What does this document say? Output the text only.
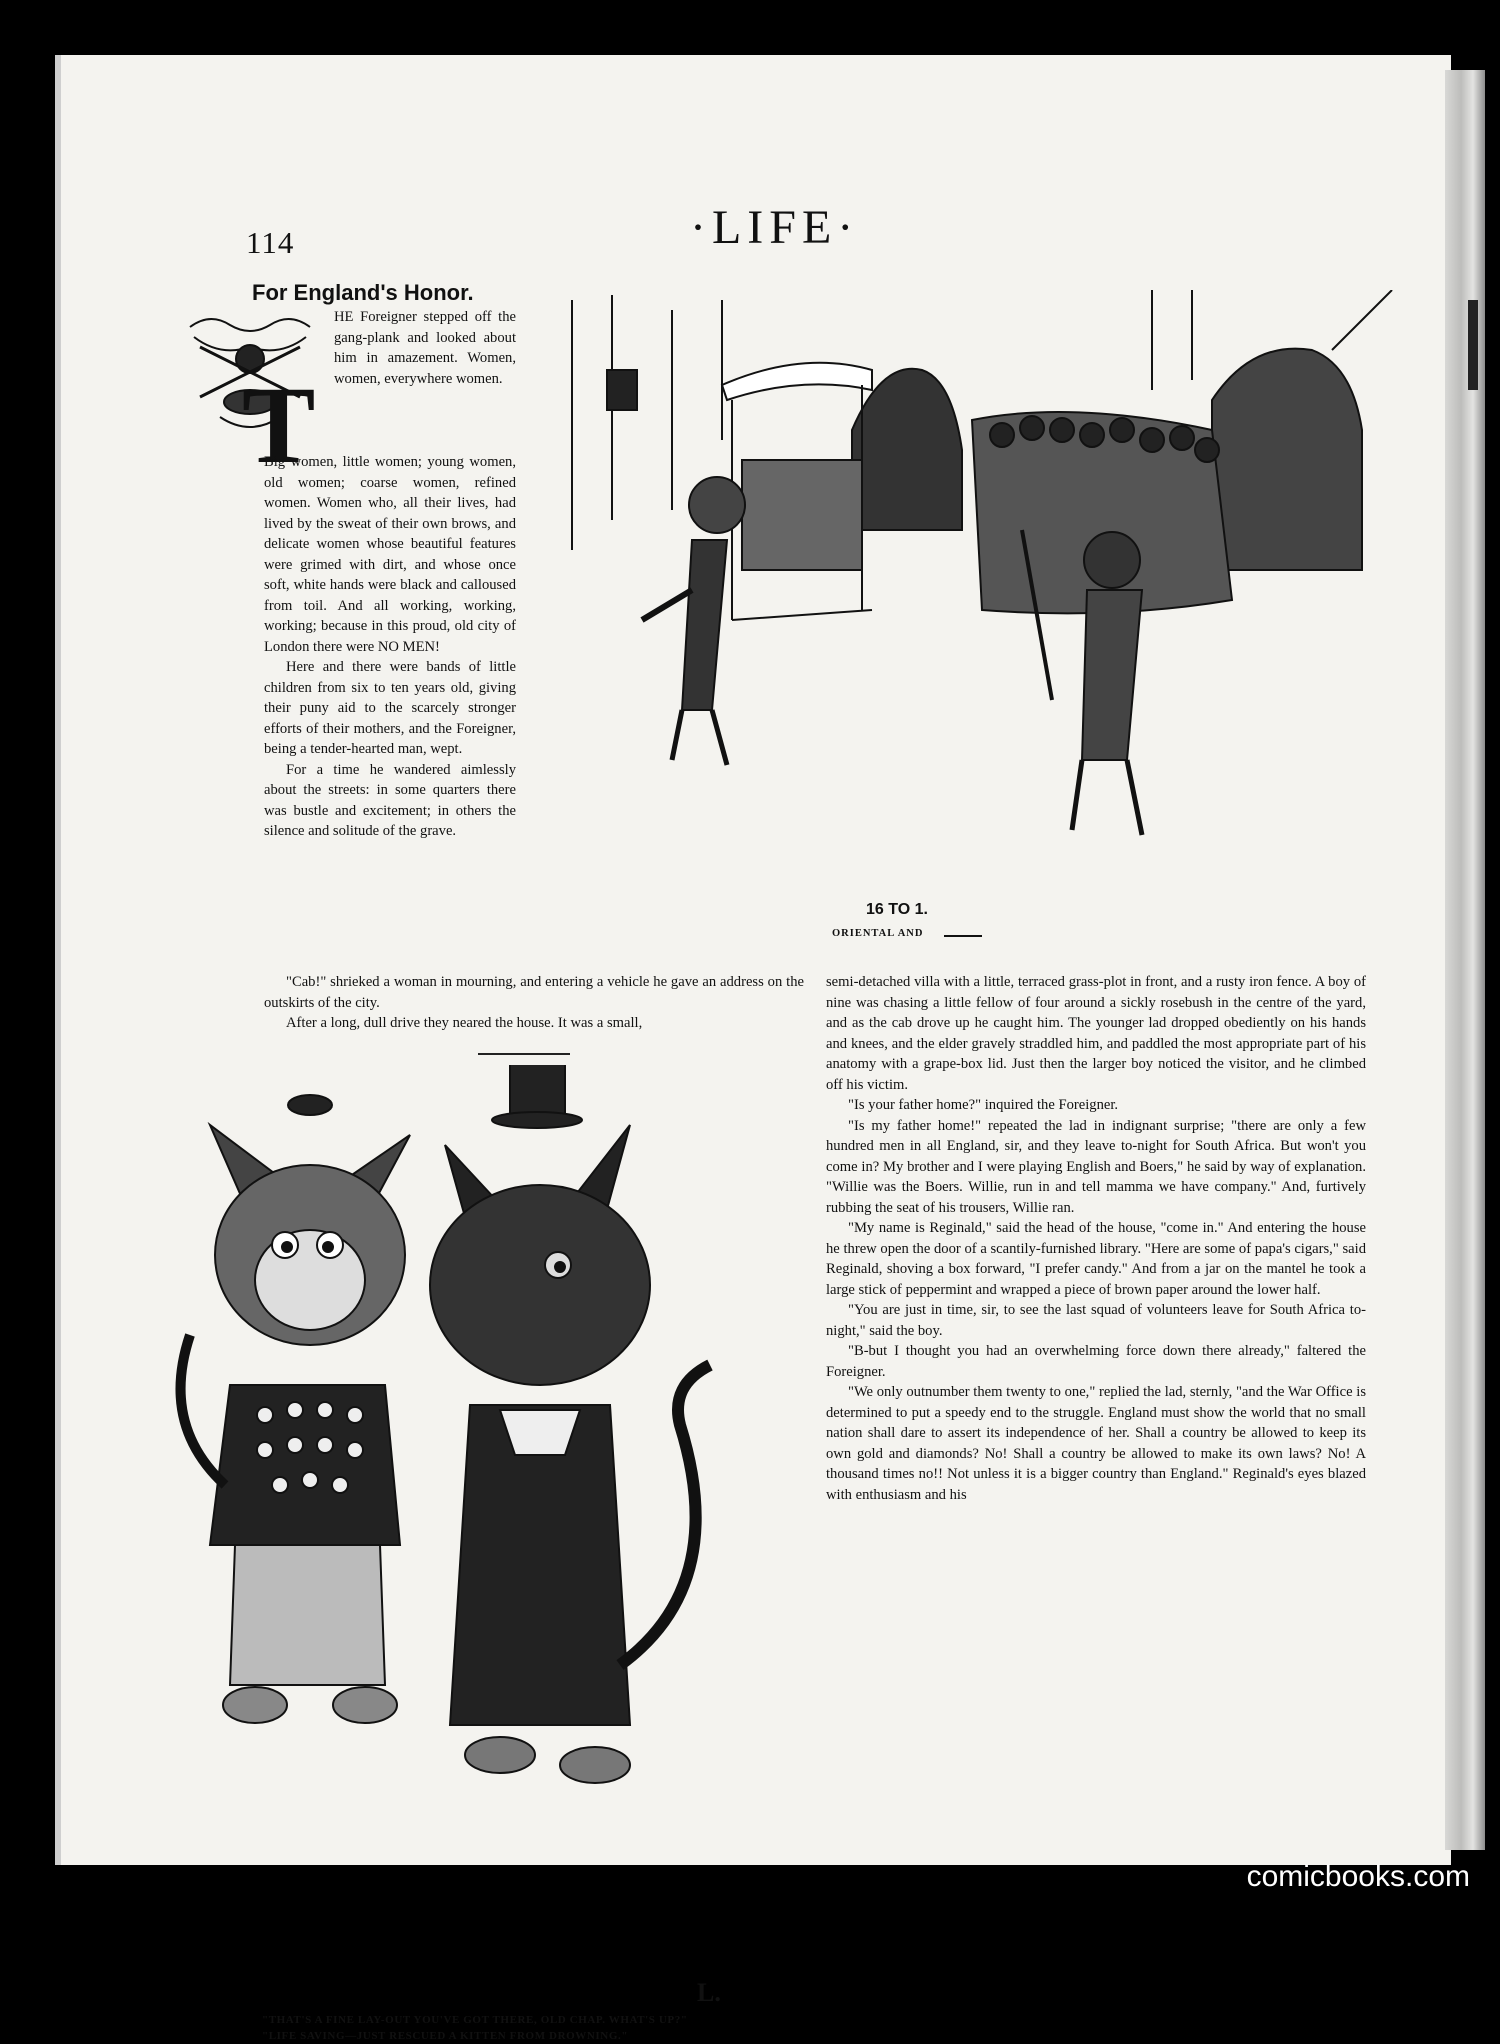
114	·LIFE·
For England's Honor.
T

HE Foreigner stepped off the gang-plank and looked about him in amazement. Women, women, everywhere women.

Big women, little women; young women, old women; coarse women, refined women. Women who, all their lives, had lived by the sweat of their own brows, and delicate women whose beautiful features were grimed with dirt, and whose once soft, white hands were black and calloused from toil. And all working, working, working; because in this proud, old city of London there were NO MEN!

Here and there were bands of little children from six to ten years old, giving their puny aid to the scarcely stronger efforts of their mothers, and the Foreigner, being a tender-hearted man, wept.

For a time he wandered aimlessly about the streets: in some quarters there was bustle and excitement; in others the silence and solitude of the grave.

"Cab!" shrieked a woman in mourning, and entering a vehicle he gave an address on the outskirts of the city.

After a long, dull drive they neared the house. It was a small,

semi-detached villa with a little, terraced grass-plot in front, and a rusty iron fence. A boy of nine was chasing a little fellow of four around a sickly rosebush in the centre of the yard, and as the cab drove up he caught him. The younger lad dropped obediently on his hands and knees, and the elder gravely straddled him, and paddled the most appropriate part of his anatomy with a grape-box lid. Just then the larger boy noticed the visitor, and he climbed off his victim.

"Is your father home?" inquired the Foreigner.

"Is my father home!" repeated the lad in indignant surprise; "there are only a few hundred men in all England, sir, and they leave to-night for South Africa. But won't you come in? My brother and I were playing English and Boers," he said by way of explanation. "Willie was the Boers. Willie, run in and tell mamma we have company." And, furtively rubbing the seat of his trousers, Willie ran.

"My name is Reginald," said the head of the house, "come in." And entering the house he threw open the door of a scantily-furnished library. "Here are some of papa's cigars," said Reginald, shoving a box forward, "I prefer candy." And from a jar on the mantel he took a large stick of peppermint and wrapped a piece of brown paper around the lower half.

"You are just in time, sir, to see the last squad of volunteers leave for South Africa to-night," said the boy.

"B-but I thought you had an overwhelming force down there already," faltered the Foreigner.

"We only outnumber them twenty to one," replied the lad, sternly, "and the War Office is determined to put a speedy end to the struggle. England must show the world that no small nation shall dare to assert its independence of her. Shall a country be allowed to keep its own gold and diamonds? No! Shall a country be allowed to make its own laws? No! A thousand times no!! Not unless it is a bigger country than England." Reginald's eyes blazed with enthusiasm and his

16 TO 1.
ORIENTAL AND
L.
"THAT'S A FINE LAY-OUT YOU'VE GOT THERE, OLD CHAP. WHAT'S UP?"
"LIFE SAVING—JUST RESCUED A KITTEN FROM DROWNING."
comicbooks.com
